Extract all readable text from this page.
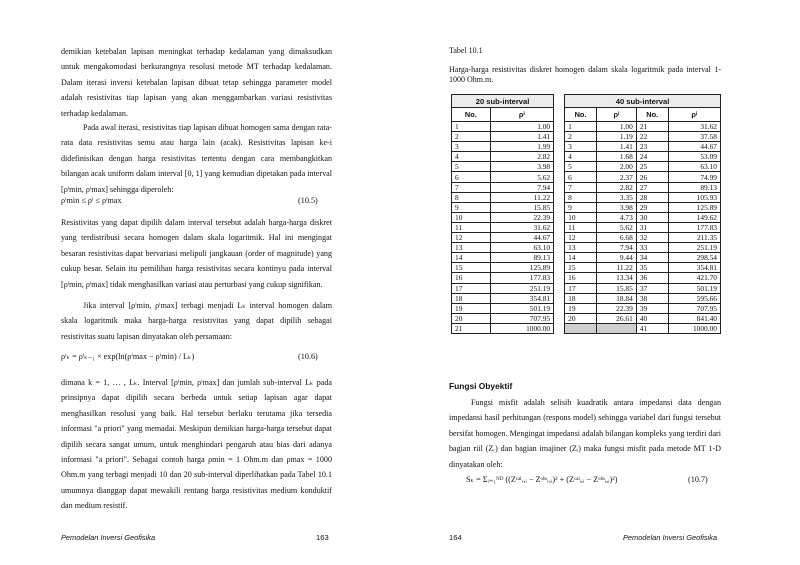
demikian ketebalan lapisan meningkat terhadap kedalaman yang dimaksudkan untuk mengakomodasi berkurangnya resolusi metode MT terhadap kedalaman. Dalam iterasi inversi ketebalan lapisan dibuat tetap sehingga parameter model adalah resistivitas tiap lapisan yang akan menggambarkan variasi resistivitas terhadap kedalaman.
Pada awal iterasi, resistivitas tiap lapisan dibuat homogen sama dengan rata-rata data resistivitas semu atau harga lain (acak). Resistivitas lapisan ke-i didefinisikan dengan harga resistivitas tertentu dengan cara membangkitkan bilangan acak uniform dalam interval [0, 1] yang kemudian dipetakan pada interval [ρⁱmin, ρⁱmax] sehingga diperoleh:
ρⁱmin ≤ ρⁱ ≤ ρⁱmax	(10.5)
Resistivitas yang dapat dipilih dalam interval tersebut adalah harga-harga diskret yang terdistribusi secara homogen dalam skala logaritmik. Hal ini mengingat besaran resistivitas dapat bervariasi melipuli jangkauan (order of magnitude) yang cukup besar. Selain itu pemilihan harga resistivitas secara kontinyu pada interval [ρⁱmin, ρⁱmax] tidak menghasilkan variasi atau perturbasi yang cukup signifikan.
Jika interval [ρⁱmin, ρⁱmax] terbagi menjadi Lₖ interval homogen dalam skala logaritmik maka harga-harga resistivitas yang dapat dipilih sebagai resistivitas suatu lapisan dinyatakan oleh persamaan:
ρⁱₖ = ρⁱₖ₋₁ × exp(ln(ρⁱmax − ρⁱmin) / Lₖ)	(10.6)
dimana k = 1, … , Lₖ. Interval [ρⁱmin, ρⁱmax] dan jumlah sub-interval Lₖ pada prinsipnya dapat dipilih secara berbeda untuk setiap lapisan agar dapat menghasilkan resolusi yang baik. Hal tersebut berlaku terutama jika tersedia informasi "a priori" yang memadai. Meskipun demikian harga-harga tersebut dapat dipilih secara sangat umum, untuk menghindari pengaruh atau bias dari adanya informasi "a priori". Sebagai contoh harga ρmin = 1 Ohm.m dan ρmax = 1000 Ohm.m yang terbagi menjadi 10 dan 20 sub-interval diperlihatkan pada Tabel 10.1 umumnya dianggap dapat mewakili rentang harga resistivitas medium konduktif dan medium resistif.
Pemodelan Inversi Geofisika	163
Tabel 10.1
Harga-harga resistivitas diskret homogen dalam skala logaritmik pada interval 1-1000 Ohm.m.
20 sub-interval			40 sub-interval			
No.	ρⁱ		No.	ρⁱ	No.	ρⁱ
1	1.00		1	1.00	21	31.62
2	1.41		2	1.19	22	37.58
3	1.99		3	1.41	23	44.67
4	2.82		4	1.68	24	53.09
5	3.98		5	2.00	25	63.10
6	5.62		6	2.37	26	74.99
7	7.94		7	2.82	27	89.13
8	11.22		8	3.35	28	105.93
9	15.85		9	3.98	29	125.89
10	22.39		10	4.73	30	149.62
11	31.62		11	5.62	31	177.83
12	44.67		12	6.68	32	211.35
13	63.10		13	7.94	33	251.19
14	89.13		14	9.44	34	298.54
15	125.89		15	11.22	35	354.81
16	177.83		16	13.34	36	421.70
17	251.19		17	15.85	37	501.19
18	354.81		18	18.84	38	595.66
19	501.19		19	22.39	39	707.95
20	707.95		20	26.61	40	841.40
21	1000.00				41	1000.00
Fungsi Obyektif
Fungsi misfit adalah selisih kuadratik antara impedansi data dengan impedansi hasil perhitungan (respons model) sehingga variabel dari fungsi tersebut bersifat homogen. Mengingat impedansi adalah bilangan kompleks yang terdiri dari bagian riil (Zᵣ) dan bagian imajiner (Zᵢ) maka fungsi misfit pada metode MT 1-D dinyatakan oleh:
Sₖ = Σᵢ₌₁ᴺᴰ ((Zᶜᵃˡᵣ,ᵢ − Zᵒᵇˢᵣ,ᵢ)² + (Zᶜᵃˡᵢ,ᵢ − Zᵒᵇˢᵢ,ᵢ)²)	(10.7)
164	Pemodelan Inversi Geofisika
